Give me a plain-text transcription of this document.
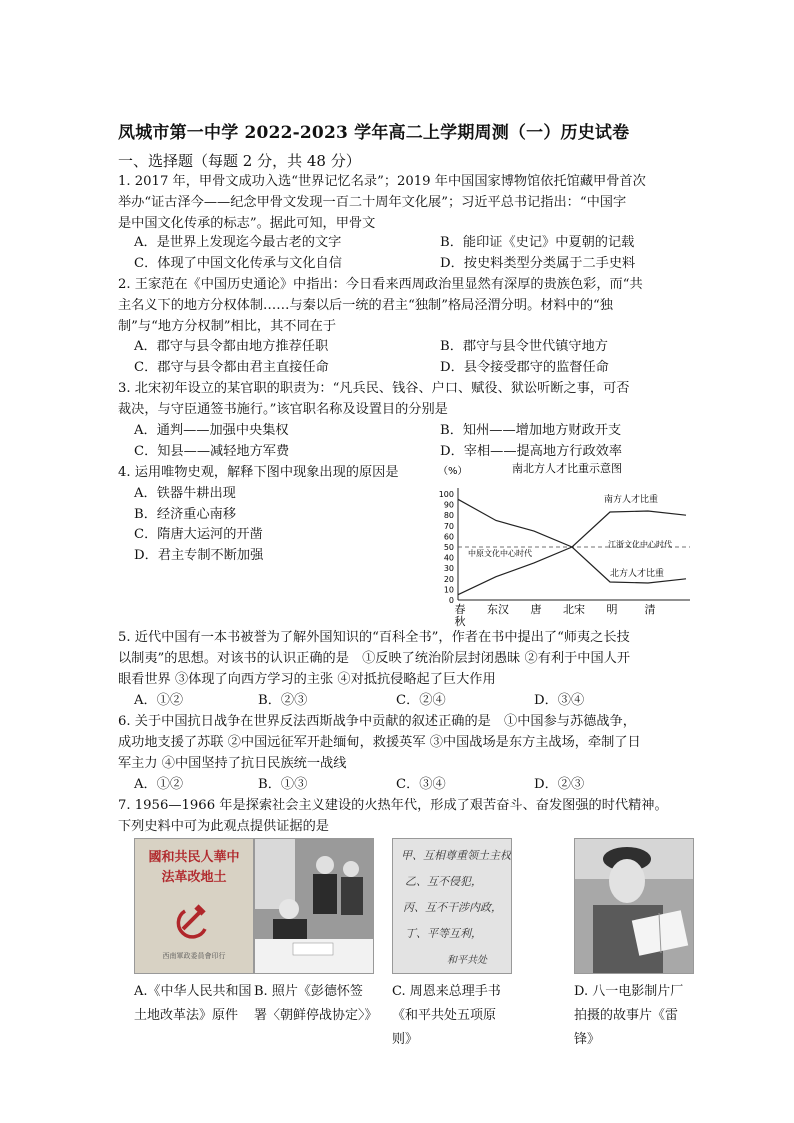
凤城市第一中学 2022-2023 学年高二上学期周测（一）历史试卷
一、选择题（每题 2 分，共 48 分）
1. 2017 年，甲骨文成功入选“世界记忆名录”；2019 年中国国家博物馆依托馆藏甲骨首次
举办“证古泽今——纪念甲骨文发现一百二十周年文化展”；习近平总书记指出：“中国字
是中国文化传承的标志”。据此可知，甲骨文
A．是世界上发现迄今最古老的文字	B．能印证《史记》中夏朝的记载
C．体现了中国文化传承与文化自信	D．按史料类型分类属于二手史料
2. 王家范在《中国历史通论》中指出：今日看来西周政治里显然有深厚的贵族色彩，而“共
主名义下的地方分权体制……与秦以后一统的君主“独制”格局泾渭分明。材料中的“独
制”与“地方分权制”相比，其不同在于
A．郡守与县令都由地方推荐任职	B．郡守与县令世代镇守地方
C．郡守与县令都由君主直接任命	D．县令接受郡守的监督任命
3. 北宋初年设立的某官职的职责为：“凡兵民、钱谷、户口、赋役、狱讼听断之事，可否
裁决，与守臣通签书施行。”该官职名称及设置目的分别是
A．通判——加强中央集权	B．知州——增加地方财政开支
C．知县——减轻地方军费	D．宰相——提高地方行政效率
4. 运用唯物史观，解释下图中现象出现的原因是
A．铁器牛耕出现
B．经济重心南移
C．隋唐大运河的开凿
D．君主专制不断加强
（%）	南北方人才比重示意图
0
10
20
30
40
50
60
70
80
90
100
春秋
东汉 唐 北宋 明 清
南方人才比重
北方人才比重
中原文化中心时代
江浙文化中心时代
5. 近代中国有一本书被誉为了解外国知识的“百科全书”，作者在书中提出了“师夷之长技
以制夷”的思想。对该书的认识正确的是　①反映了统治阶层封闭愚昧 ②有利于中国人开
眼看世界 ③体现了向西方学习的主张 ④对抵抗侵略起了巨大作用
A．①②	B．②③	C．②④	D．③④
6. 关于中国抗日战争在世界反法西斯战争中贡献的叙述正确的是　①中国参与苏德战争，
成功地支援了苏联 ②中国远征军开赴缅甸，救援英军 ③中国战场是东方主战场，牵制了日
军主力 ④中国坚持了抗日民族统一战线
A．①②	B．①③	C．③④	D．②③
7. 1956—1966 年是探索社会主义建设的火热年代，形成了艰苦奋斗、奋发图强的时代精神。
下列史料中可为此观点提供证据的是
國和共民人華中
法革改地土
西南軍政委員會印行
甲、互相尊重领土主权
乙、互不侵犯，
丙、互不干涉内政，
丁、平等互利，
和平共处
A.《中华人民共和国土地改革法》原件
B. 照片《彭德怀签署〈朝鲜停战协定〉》
C. 周恩来总理手书《和平共处五项原则》
D. 八一电影制片厂拍摄的故事片《雷锋》
